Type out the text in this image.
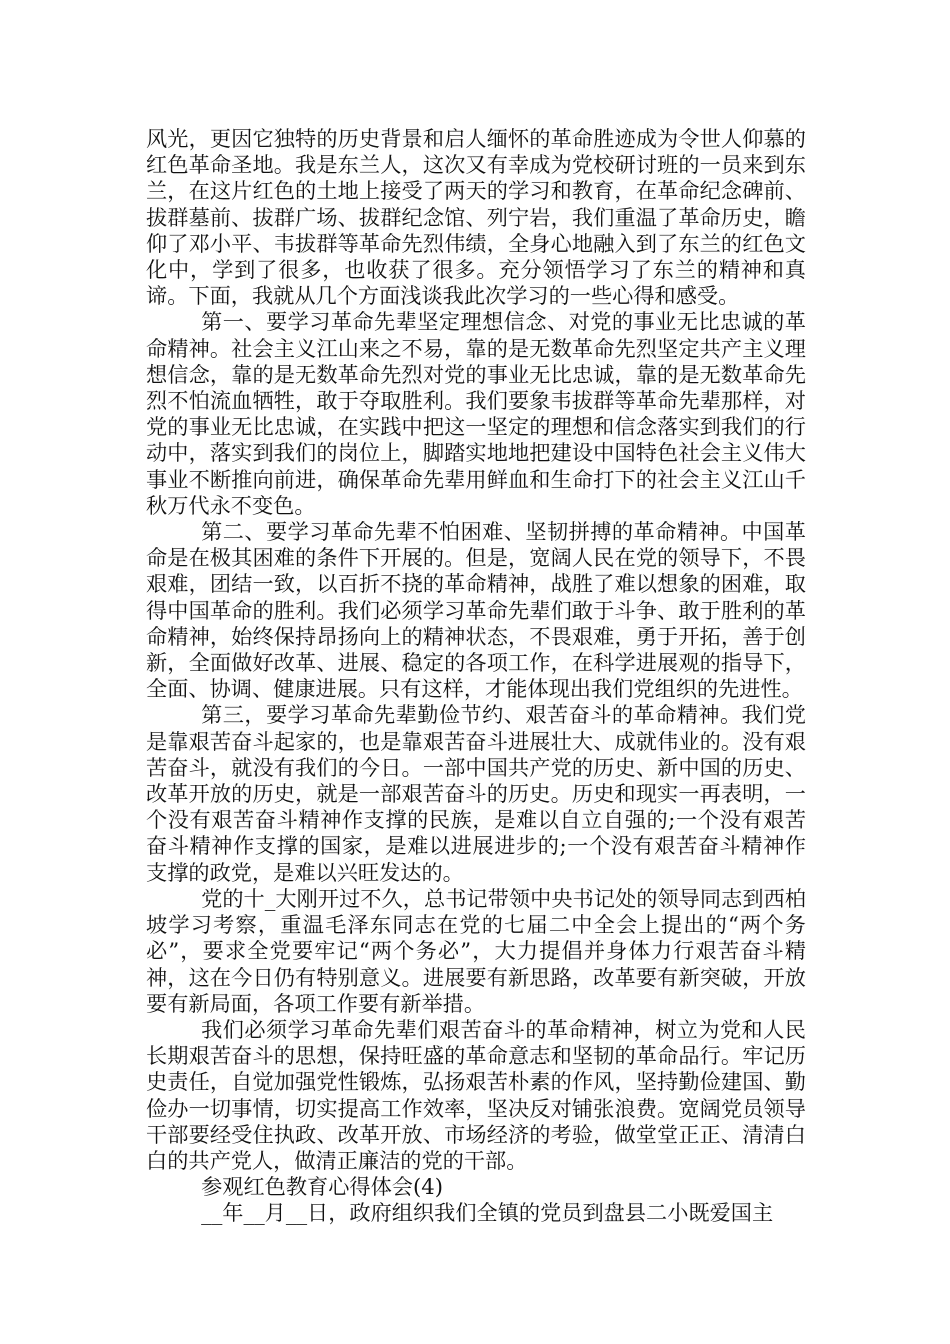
风光，更因它独特的历史背景和启人缅怀的革命胜迹成为令世人仰慕的红色革命圣地。我是东兰人，这次又有幸成为党校研讨班的一员来到东兰，在这片红色的土地上接受了两天的学习和教育，在革命纪念碑前、拔群墓前、拔群广场、拔群纪念馆、列宁岩，我们重温了革命历史，瞻仰了邓小平、韦拔群等革命先烈伟绩，全身心地融入到了东兰的红色文化中，学到了很多，也收获了很多。充分领悟学习了东兰的精神和真谛。下面，我就从几个方面浅谈我此次学习的一些心得和感受。

第一、要学习革命先辈坚定理想信念、对党的事业无比忠诚的革命精神。社会主义江山来之不易，靠的是无数革命先烈坚定共产主义理想信念，靠的是无数革命先烈对党的事业无比忠诚，靠的是无数革命先烈不怕流血牺牲，敢于夺取胜利。我们要象韦拔群等革命先辈那样，对党的事业无比忠诚，在实践中把这一坚定的理想和信念落实到我们的行动中，落实到我们的岗位上，脚踏实地地把建设中国特色社会主义伟大事业不断推向前进，确保革命先辈用鲜血和生命打下的社会主义江山千秋万代永不变色。

第二、要学习革命先辈不怕困难、坚韧拼搏的革命精神。中国革命是在极其困难的条件下开展的。但是，宽阔人民在党的领导下，不畏艰难，团结一致，以百折不挠的革命精神，战胜了难以想象的困难，取得中国革命的胜利。我们必须学习革命先辈们敢于斗争、敢于胜利的革命精神，始终保持昂扬向上的精神状态，不畏艰难，勇于开拓，善于创新，全面做好改革、进展、稳定的各项工作，在科学进展观的指导下，全面、协调、健康进展。只有这样，才能体现出我们党组织的先进性。

第三，要学习革命先辈勤俭节约、艰苦奋斗的革命精神。我们党是靠艰苦奋斗起家的，也是靠艰苦奋斗进展壮大、成就伟业的。没有艰苦奋斗，就没有我们的今日。一部中国共产党的历史、新中国的历史、改革开放的历史，就是一部艰苦奋斗的历史。历史和现实一再表明，一个没有艰苦奋斗精神作支撑的民族，是难以自立自强的;一个没有艰苦奋斗精神作支撑的国家，是难以进展进步的;一个没有艰苦奋斗精神作支撑的政党，是难以兴旺发达的。

党的十_大刚开过不久，总书记带领中央书记处的领导同志到西柏坡学习考察，重温毛泽东同志在党的七届二中全会上提出的“两个务必”，要求全党要牢记“两个务必”，大力提倡并身体力行艰苦奋斗精神，这在今日仍有特别意义。进展要有新思路，改革要有新突破，开放要有新局面，各项工作要有新举措。

我们必须学习革命先辈们艰苦奋斗的革命精神，树立为党和人民长期艰苦奋斗的思想，保持旺盛的革命意志和坚韧的革命品行。牢记历史责任，自觉加强党性锻炼，弘扬艰苦朴素的作风，坚持勤俭建国、勤俭办一切事情，切实提高工作效率，坚决反对铺张浪费。宽阔党员领导干部要经受住执政、改革开放、市场经济的考验，做堂堂正正、清清白白的共产党人，做清正廉洁的党的干部。

参观红色教育心得体会(4)

__年__月__日，政府组织我们全镇的党员到盘县二小既爱国主
